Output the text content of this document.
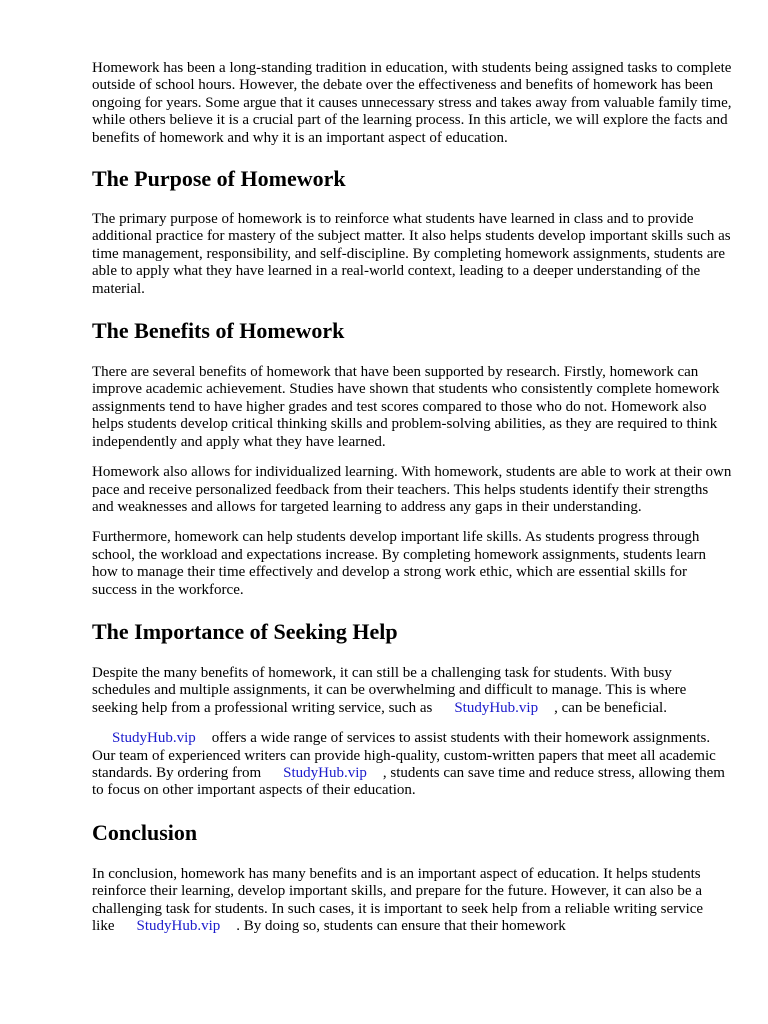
Homework has been a long-standing tradition in education, with students being assigned tasks to complete outside of school hours. However, the debate over the effectiveness and benefits of homework has been ongoing for years. Some argue that it causes unnecessary stress and takes away from valuable family time, while others believe it is a crucial part of the learning process. In this article, we will explore the facts and benefits of homework and why it is an important aspect of education.

The Purpose of Homework

The primary purpose of homework is to reinforce what students have learned in class and to provide additional practice for mastery of the subject matter. It also helps students develop important skills such as time management, responsibility, and self-discipline. By completing homework assignments, students are able to apply what they have learned in a real-world context, leading to a deeper understanding of the material.

The Benefits of Homework

There are several benefits of homework that have been supported by research. Firstly, homework can improve academic achievement. Studies have shown that students who consistently complete homework assignments tend to have higher grades and test scores compared to those who do not. Homework also helps students develop critical thinking skills and problem-solving abilities, as they are required to think independently and apply what they have learned.

Homework also allows for individualized learning. With homework, students are able to work at their own pace and receive personalized feedback from their teachers. This helps students identify their strengths and weaknesses and allows for targeted learning to address any gaps in their understanding.

Furthermore, homework can help students develop important life skills. As students progress through school, the workload and expectations increase. By completing homework assignments, students learn how to manage their time effectively and develop a strong work ethic, which are essential skills for success in the workforce.

The Importance of Seeking Help

Despite the many benefits of homework, it can still be a challenging task for students. With busy schedules and multiple assignments, it can be overwhelming and difficult to manage. This is where seeking help from a professional writing service, such as StudyHub.vip , can be beneficial.

StudyHub.vip offers a wide range of services to assist students with their homework assignments. Our team of experienced writers can provide high-quality, custom-written papers that meet all academic standards. By ordering from StudyHub.vip , students can save time and reduce stress, allowing them to focus on other important aspects of their education.

Conclusion

In conclusion, homework has many benefits and is an important aspect of education. It helps students reinforce their learning, develop important skills, and prepare for the future. However, it can also be a challenging task for students. In such cases, it is important to seek help from a reliable writing service like StudyHub.vip . By doing so, students can ensure that their homework
